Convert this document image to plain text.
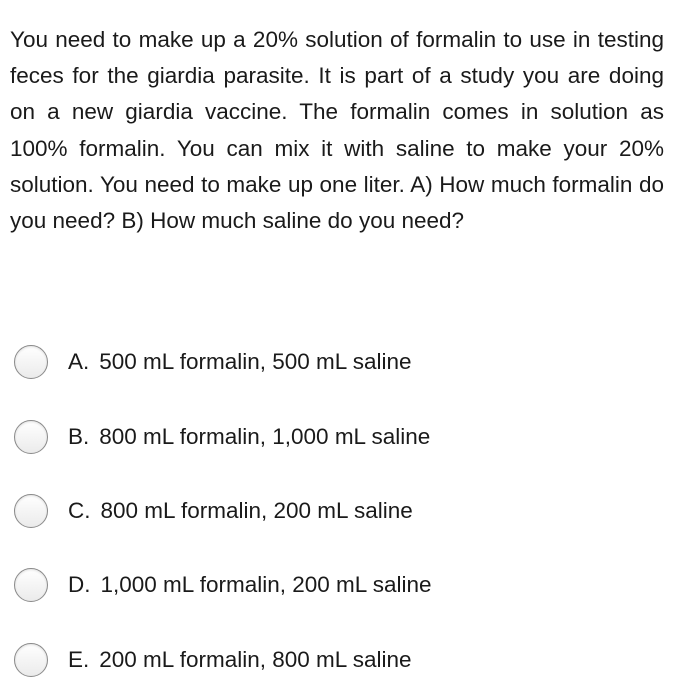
You need to make up a 20% solution of formalin to use in testing feces for the giardia parasite. It is part of a study you are doing on a new giardia vaccine. The formalin comes in solution as 100% formalin. You can mix it with saline to make your 20% solution. You need to make up one liter. A) How much formalin do you need? B) How much saline do you need?

A. 500 mL formalin, 500 mL saline
B. 800 mL formalin, 1,000 mL saline
C. 800 mL formalin, 200 mL saline
D. 1,000 mL formalin, 200 mL saline
E. 200 mL formalin, 800 mL saline
